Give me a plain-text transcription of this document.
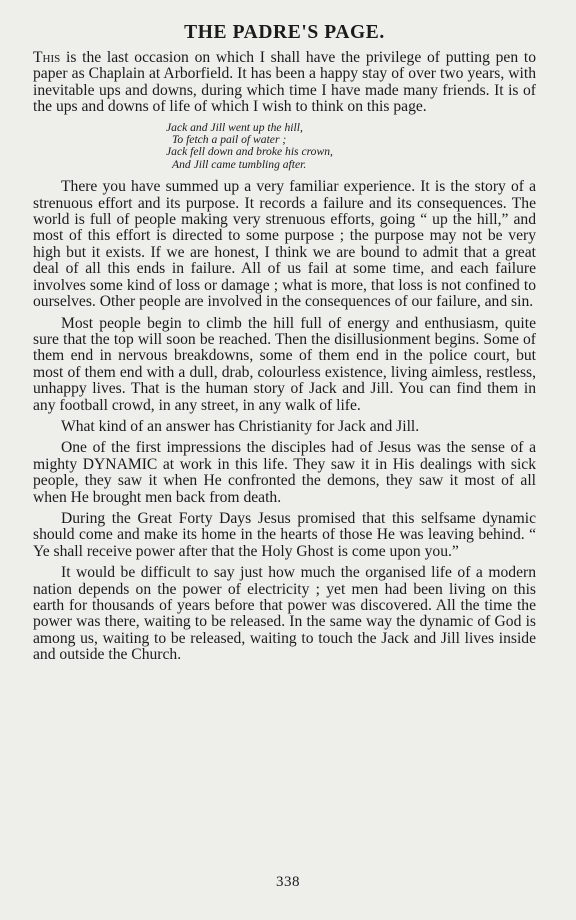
THE PADRE'S PAGE.

This is the last occasion on which I shall have the privilege of putting pen to paper as Chaplain at Arborfield. It has been a happy stay of over two years, with inevitable ups and downs, during which time I have made many friends. It is of the ups and downs of life of which I wish to think on this page.

Jack and Jill went up the hill,
To fetch a pail of water ;
Jack fell down and broke his crown,
And Jill came tumbling after.

There you have summed up a very familiar experience. It is the story of a strenuous effort and its purpose. It records a failure and its consequences. The world is full of people making very strenuous efforts, going “ up the hill,” and most of this effort is directed to some purpose ; the purpose may not be very high but it exists. If we are honest, I think we are bound to admit that a great deal of all this ends in failure. All of us fail at some time, and each failure involves some kind of loss or damage ; what is more, that loss is not confined to ourselves. Other people are involved in the consequences of our failure, and sin.

Most people begin to climb the hill full of energy and enthusiasm, quite sure that the top will soon be reached. Then the disillusionment begins. Some of them end in nervous breakdowns, some of them end in the police court, but most of them end with a dull, drab, colourless existence, living aimless, restless, unhappy lives. That is the human story of Jack and Jill. You can find them in any football crowd, in any street, in any walk of life.

What kind of an answer has Christianity for Jack and Jill.

One of the first impressions the disciples had of Jesus was the sense of a mighty DYNAMIC at work in this life. They saw it in His dealings with sick people, they saw it when He confronted the demons, they saw it most of all when He brought men back from death.

During the Great Forty Days Jesus promised that this selfsame dynamic should come and make its home in the hearts of those He was leaving behind. “ Ye shall receive power after that the Holy Ghost is come upon you.”

It would be difficult to say just how much the organised life of a modern nation depends on the power of electricity ; yet men had been living on this earth for thousands of years before that power was discovered. All the time the power was there, waiting to be released. In the same way the dynamic of God is among us, waiting to be released, waiting to touch the Jack and Jill lives inside and outside the Church.

338
